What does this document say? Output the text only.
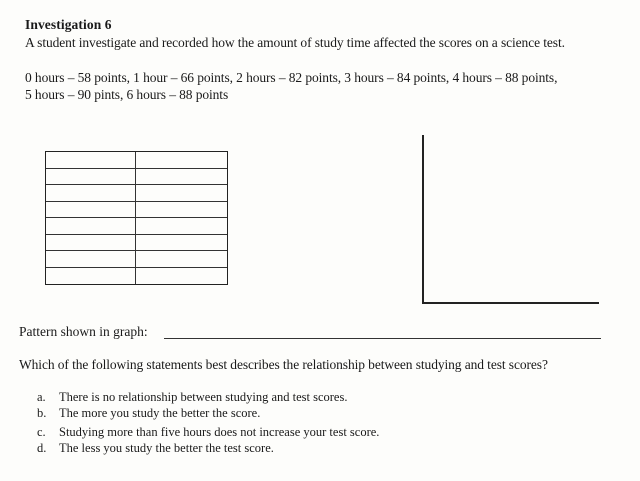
Investigation 6
A student investigate and recorded how the amount of study time affected the scores on a science test.
0 hours – 58 points, 1 hour – 66 points, 2 hours – 82 points, 3 hours – 84 points, 4 hours – 88 points,
5 hours – 90 pints, 6 hours – 88 points
Pattern shown in graph:
Which of the following statements best describes the relationship between studying and test scores?
a. There is no relationship between studying and test scores.
b. The more you study the better the score.
c. Studying more than five hours does not increase your test score.
d. The less you study the better the test score.
